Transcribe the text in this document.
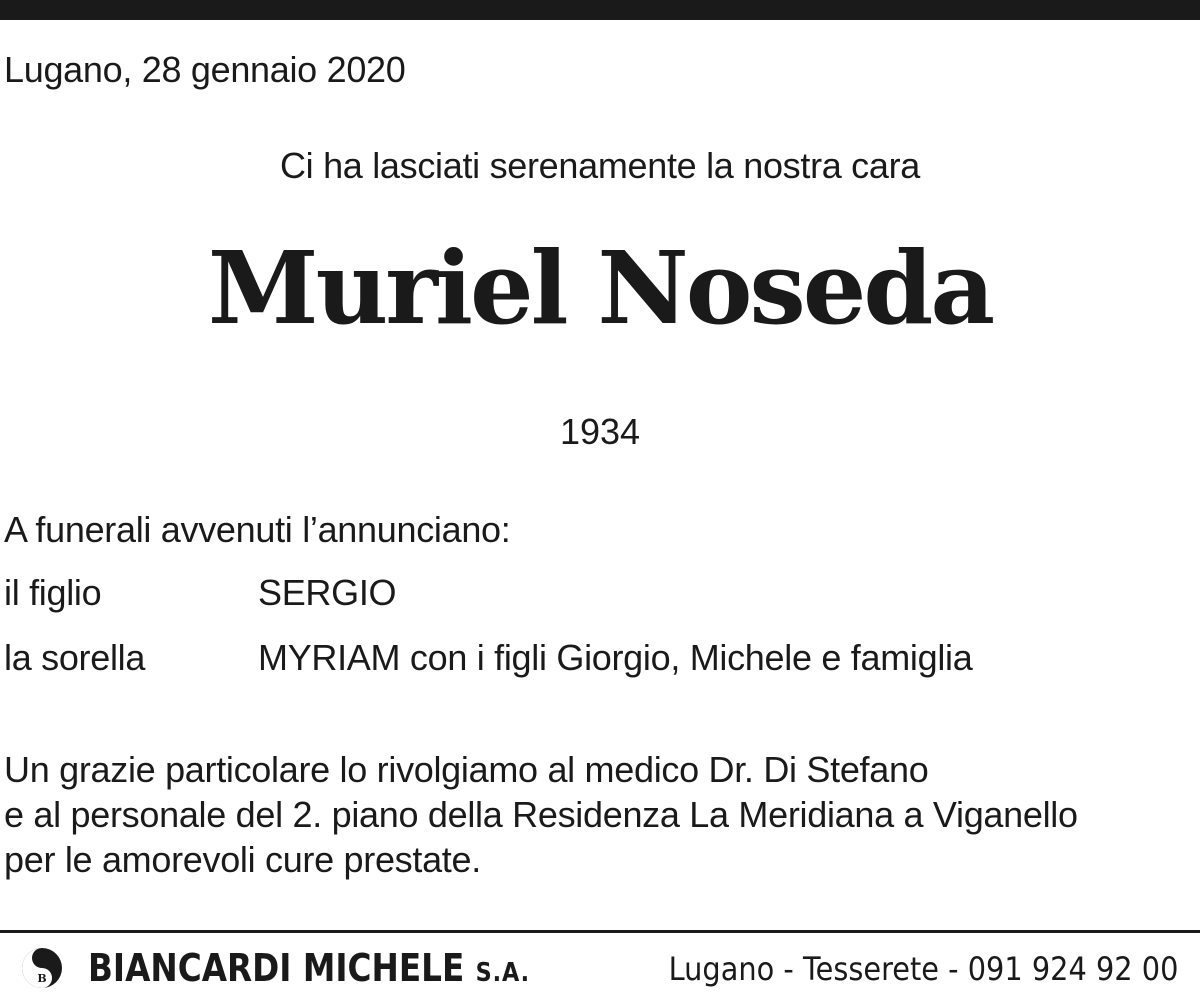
Lugano, 28 gennaio 2020
Ci ha lasciati serenamente la nostra cara
Muriel Noseda
1934
A funerali avvenuti l’annunciano:
il figlio	SERGIO
la sorella	MYRIAM con i figli Giorgio, Michele e famiglia
Un grazie particolare lo rivolgiamo al medico Dr. Di Stefano
e al personale del 2. piano della Residenza La Meridiana a Viganello
per le amorevoli cure prestate.
B BIANCARDI MICHELE S.A.	Lugano - Tesserete - 091 924 92 00
